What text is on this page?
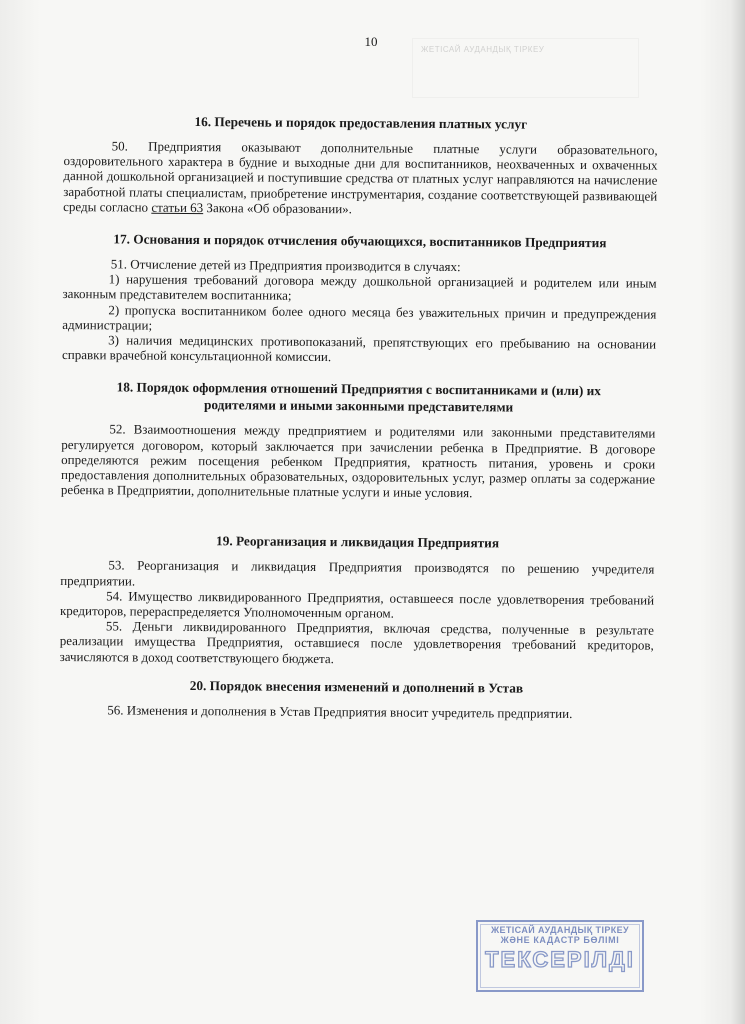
10
ЖЕТІСАЙ АУДАНДЫҚ ТІРКЕУ
16. Перечень и порядок предоставления платных услуг

50. Предприятия оказывают дополнительные платные услуги образовательного, оздоровительного характера в будние и выходные дни для воспитанников, неохваченных и охваченных данной дошкольной организацией и поступившие средства от платных услуг направляются на начисление заработной платы специалистам, приобретение инструментария, создание соответствующей развивающей среды согласно статьи 63 Закона «Об образовании».

17. Основания и порядок отчисления обучающихся, воспитанников Предприятия

51. Отчисление детей из Предприятия производится в случаях:

1) нарушения требований договора между дошкольной организацией и родителем или иным законным представителем воспитанника;

2) пропуска воспитанником более одного месяца без уважительных причин и предупреждения администрации;

3) наличия медицинских противопоказаний, препятствующих его пребыванию на основании справки врачебной консультационной комиссии.

18. Порядок оформления отношений Предприятия с воспитанниками и (или) их родителями и иными законными представителями

52. Взаимоотношения между предприятием и родителями или законными представителями регулируется договором, который заключается при зачислении ребенка в Предприятие. В договоре определяются режим посещения ребенком Предприятия, кратность питания, уровень и сроки предоставления дополнительных образовательных, оздоровительных услуг, размер оплаты за содержание ребенка в Предприятии, дополнительные платные услуги и иные условия.

19. Реорганизация и ликвидация Предприятия

53. Реорганизация и ликвидация Предприятия производятся по решению учредителя предприятии.

54. Имущество ликвидированного Предприятия, оставшееся после удовлетворения требований кредиторов, перераспределяется Уполномоченным органом.

55. Деньги ликвидированного Предприятия, включая средства, полученные в результате реализации имущества Предприятия, оставшиеся после удовлетворения требований кредиторов, зачисляются в доход соответствующего бюджета.

20. Порядок внесения изменений и дополнений в Устав

56. Изменения и дополнения в Устав Предприятия вносит учредитель предприятии.

ЖЕТІСАЙ АУДАНДЫҚ ТІРКЕУ
ЖӘНЕ КАДАСТР БӨЛІМІ
ТЕКСЕРІЛДІ
